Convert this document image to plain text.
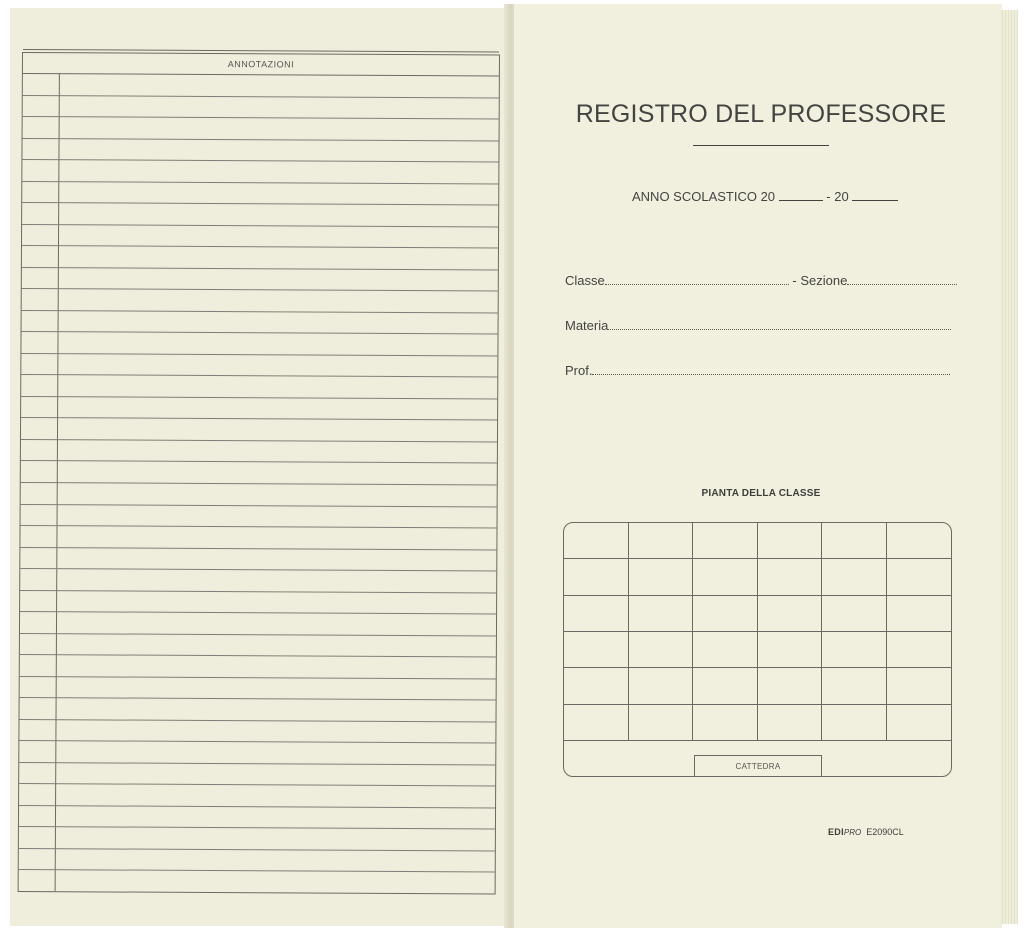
ANNOTAZIONI
REGISTRO DEL PROFESSORE
ANNO SCOLASTICO 20	- 20
Classe	- Sezione
Materia
Prof.
PIANTA DELLA CLASSE
CATTEDRA
EDIPRO E2090CL
